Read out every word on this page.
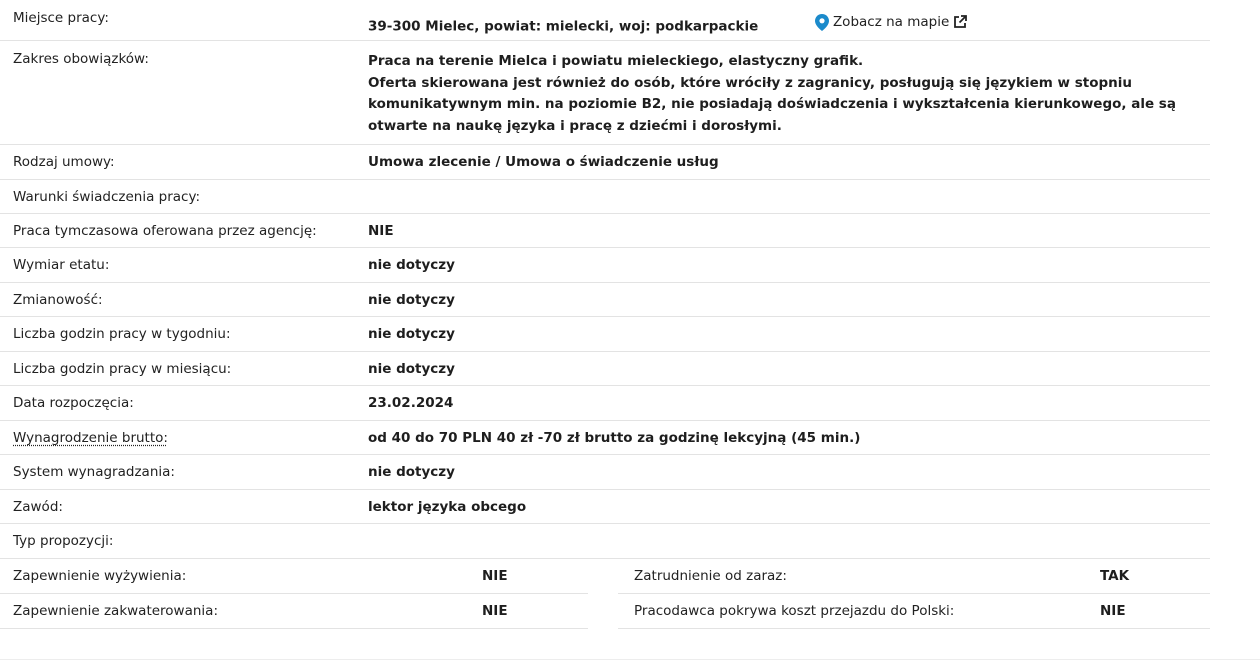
Miejsce pracy:
39-300 Mielec, powiat: mielecki, woj: podkarpackie	Zobacz na mapie
Zakres obowiązków:	Praca na terenie Mielca i powiatu mieleckiego, elastyczny grafik.
Oferta skierowana jest również do osób, które wróciły z zagranicy, posługują się językiem w stopniu komunikatywnym min. na poziomie B2, nie posiadają doświadczenia i wykształcenia kierunkowego, ale są otwarte na naukę języka i pracę z dziećmi i dorosłymi.
Rodzaj umowy:	Umowa zlecenie / Umowa o świadczenie usług
Warunki świadczenia pracy:
Praca tymczasowa oferowana przez agencję:	NIE
Wymiar etatu:	nie dotyczy
Zmianowość:	nie dotyczy
Liczba godzin pracy w tygodniu:	nie dotyczy
Liczba godzin pracy w miesiącu:	nie dotyczy
Data rozpoczęcia:	23.02.2024
Wynagrodzenie brutto:	od 40 do 70 PLN 40 zł -70 zł brutto za godzinę lekcyjną (45 min.)
System wynagradzania:	nie dotyczy
Zawód:	lektor języka obcego
Typ propozycji:
Zapewnienie wyżywienia:	NIE
Zapewnienie zakwaterowania:	NIE
Zatrudnienie od zaraz:	TAK
Pracodawca pokrywa koszt przejazdu do Polski:	NIE
